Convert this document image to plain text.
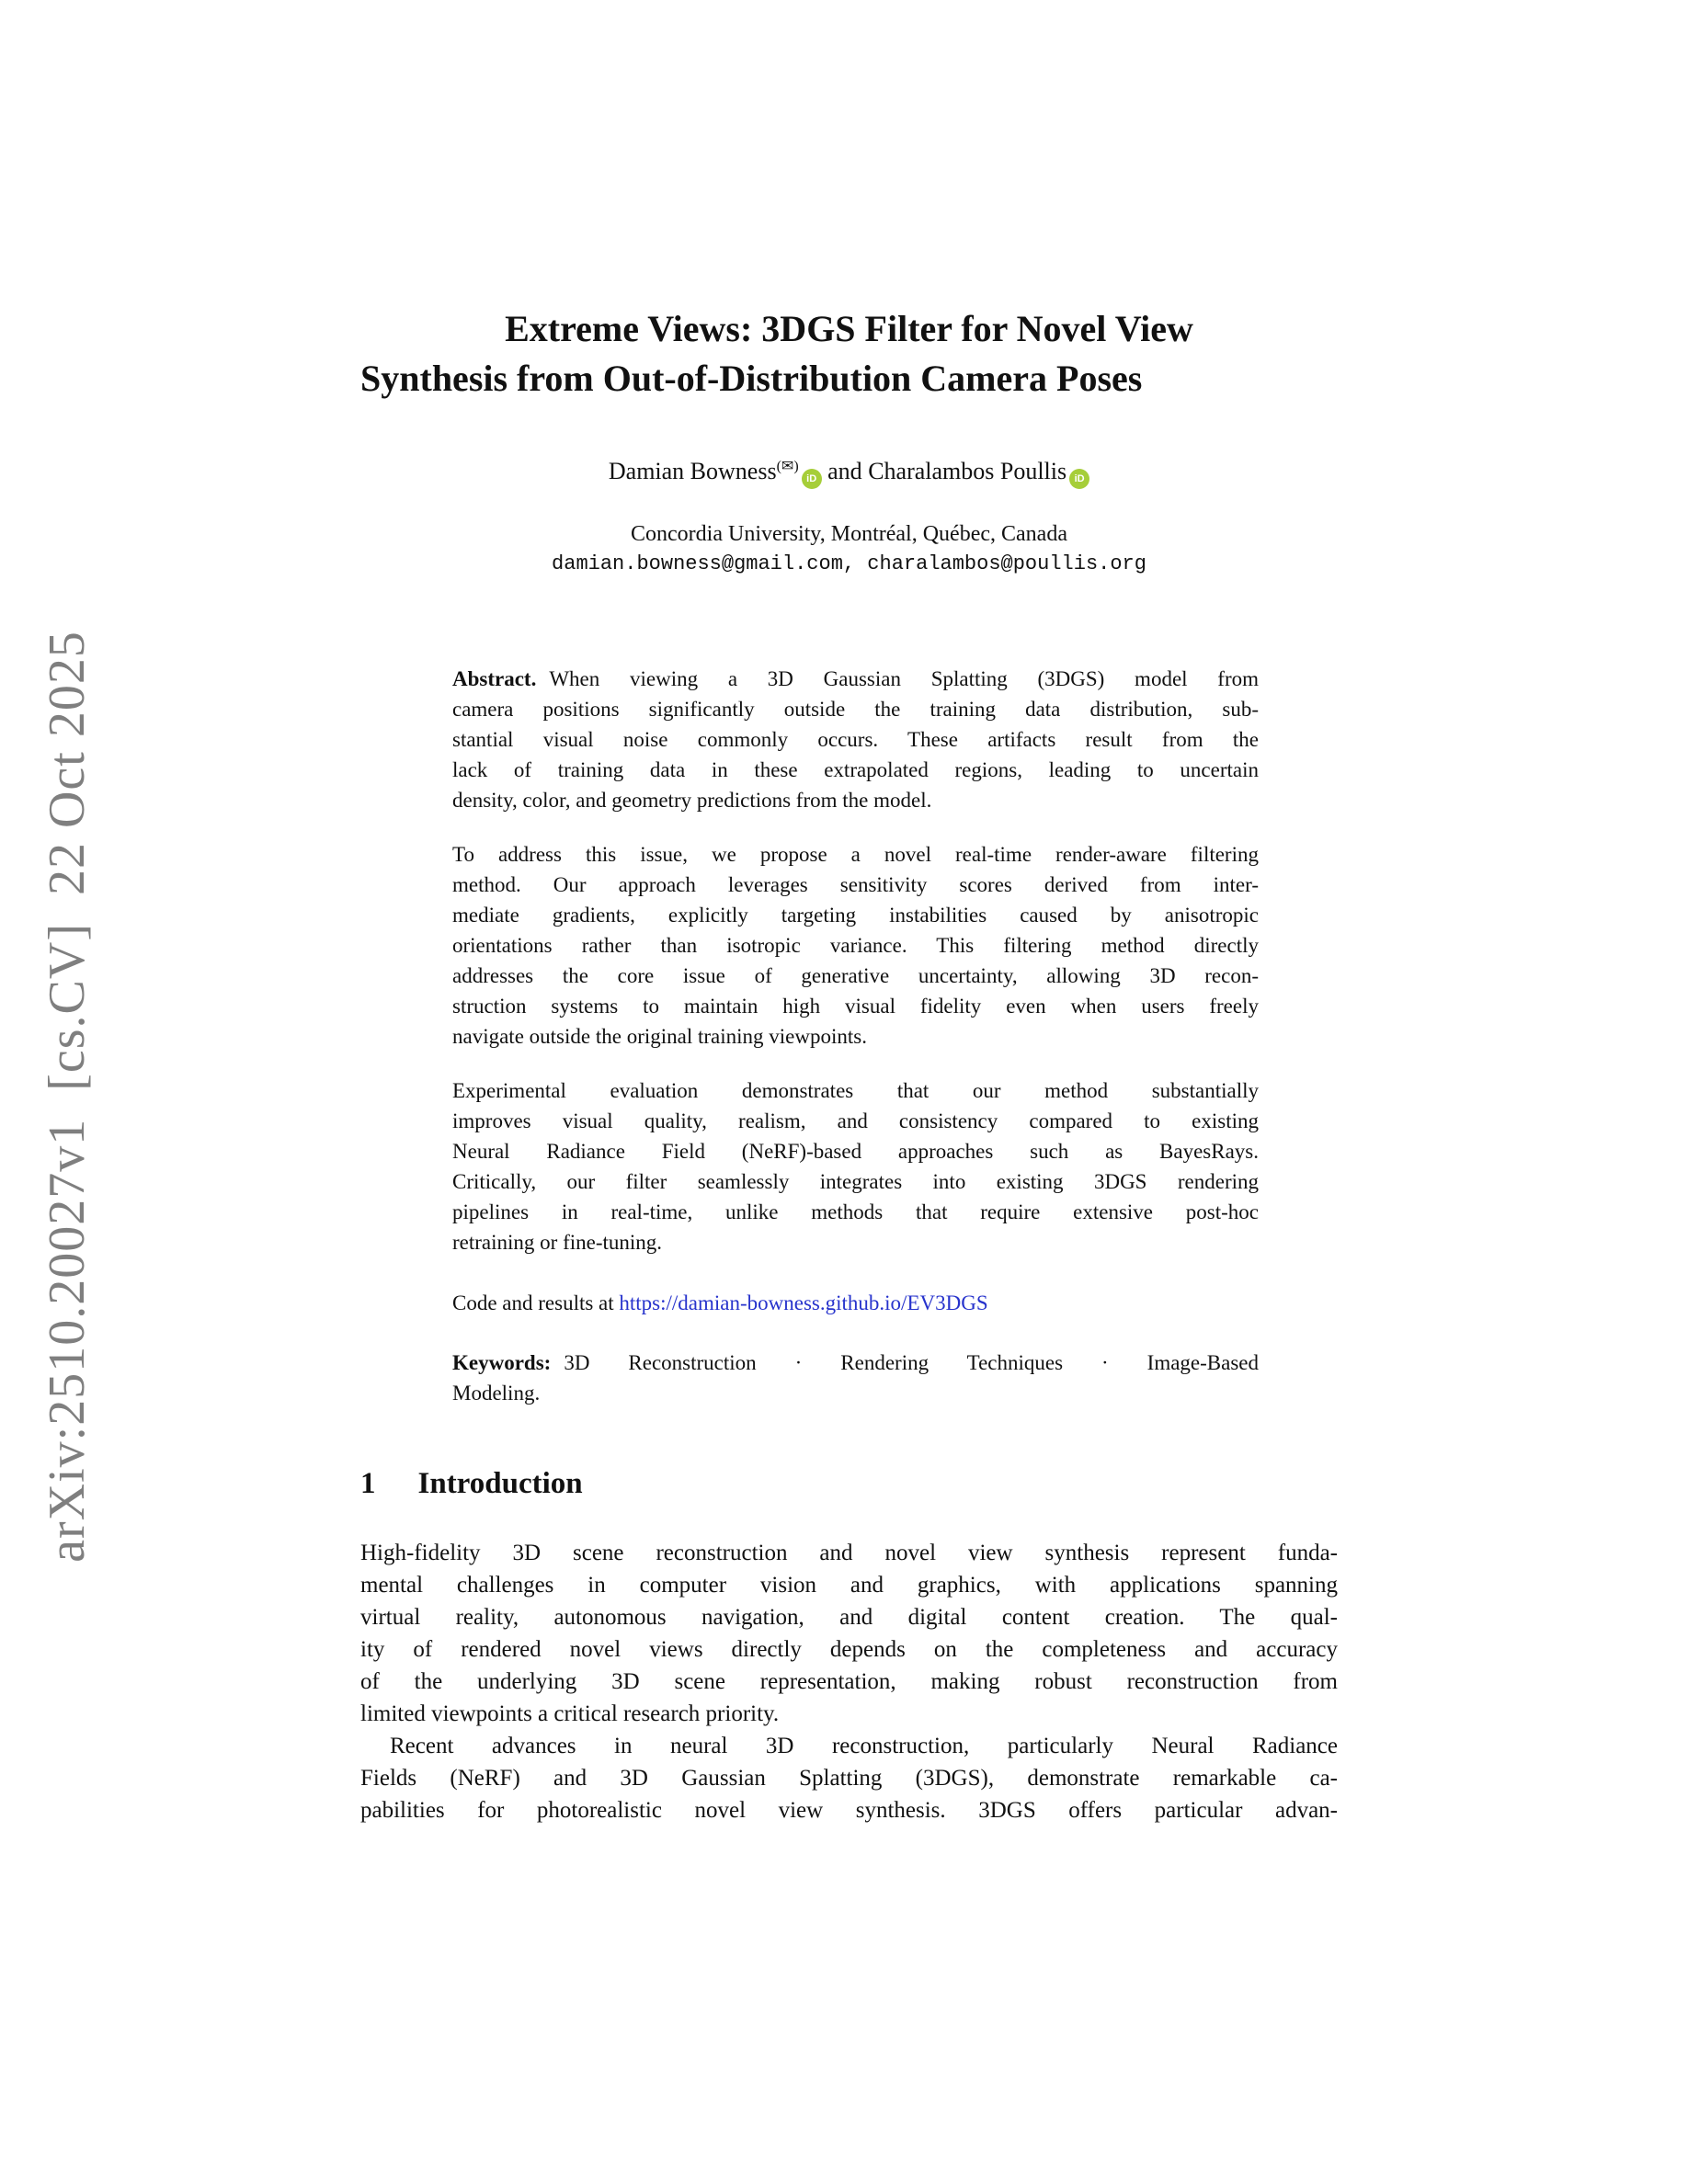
arXiv:2510.20027v1  [cs.CV]  22 Oct 2025
Extreme Views: 3DGS Filter for Novel View
Synthesis from Out-of-Distribution Camera Poses
Damian Bowness(✉)iD and Charalambos Poullis iD
Concordia University, Montréal, Québec, Canada
damian.bowness@gmail.com, charalambos@poullis.org
Abstract. When viewing a 3D Gaussian Splatting (3DGS) model from
camera positions significantly outside the training data distribution, sub-
stantial visual noise commonly occurs. These artifacts result from the
lack of training data in these extrapolated regions, leading to uncertain
density, color, and geometry predictions from the model.
To address this issue, we propose a novel real-time render-aware filtering
method. Our approach leverages sensitivity scores derived from inter-
mediate gradients, explicitly targeting instabilities caused by anisotropic
orientations rather than isotropic variance. This filtering method directly
addresses the core issue of generative uncertainty, allowing 3D recon-
struction systems to maintain high visual fidelity even when users freely
navigate outside the original training viewpoints.
Experimental evaluation demonstrates that our method substantially
improves visual quality, realism, and consistency compared to existing
Neural Radiance Field (NeRF)-based approaches such as BayesRays.
Critically, our filter seamlessly integrates into existing 3DGS rendering
pipelines in real-time, unlike methods that require extensive post-hoc
retraining or fine-tuning.
Code and results at https://damian-bowness.github.io/EV3DGS
Keywords: 3D Reconstruction · Rendering Techniques · Image-Based
Modeling.
1 Introduction
High-fidelity 3D scene reconstruction and novel view synthesis represent funda-
mental challenges in computer vision and graphics, with applications spanning
virtual reality, autonomous navigation, and digital content creation. The qual-
ity of rendered novel views directly depends on the completeness and accuracy
of the underlying 3D scene representation, making robust reconstruction from
limited viewpoints a critical research priority.
Recent advances in neural 3D reconstruction, particularly Neural Radiance
Fields (NeRF) and 3D Gaussian Splatting (3DGS), demonstrate remarkable ca-
pabilities for photorealistic novel view synthesis. 3DGS offers particular advan-
